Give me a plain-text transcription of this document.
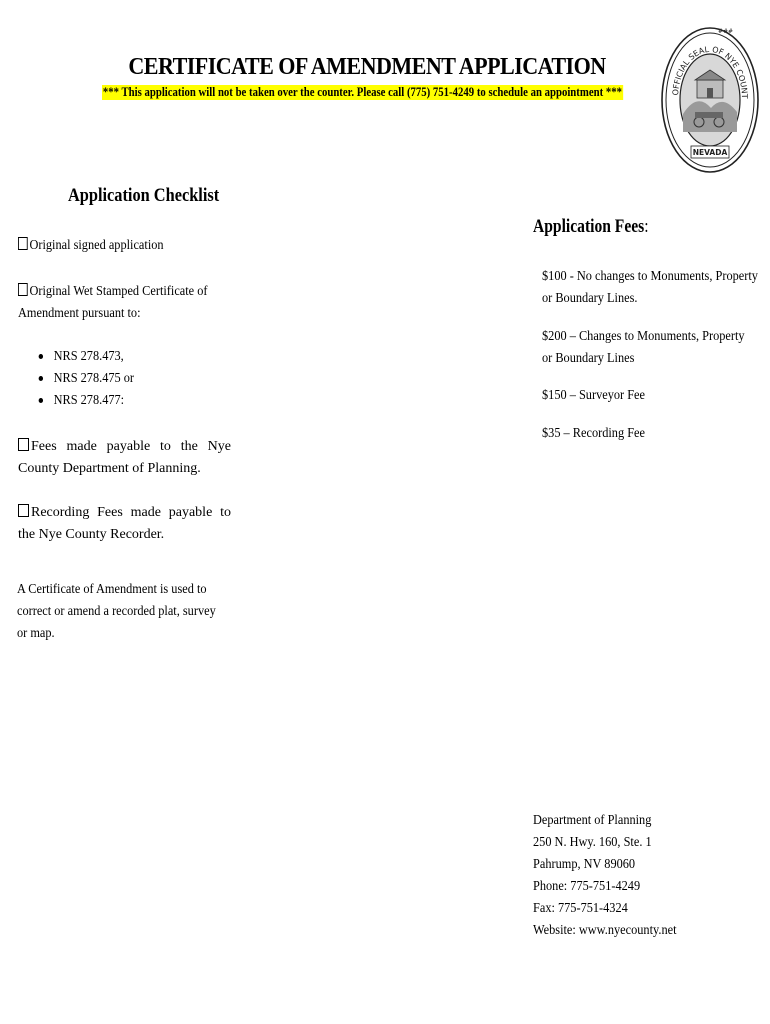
CERTIFICATE OF AMENDMENT APPLICATION
*** This application will not be taken over the counter. Please call (775) 751-4249 to schedule an appointment ***	OFFICIAL SEAL OF NYE COUNT
###
NEVADA
Application Checklist
Original signed application
Original Wet Stamped Certificate of Amendment pursuant to:
NRS 278.473,
NRS 278.475 or
NRS 278.477:
Fees made payable to the Nye County Department of Planning.
Recording Fees made payable to the Nye County Recorder.
A Certificate of Amendment is used to correct or amend a recorded plat, survey or map.
Application Fees:
$100 - No changes to Monuments, Property or Boundary Lines.
$200 – Changes to Monuments, Property or Boundary Lines
$150 – Surveyor Fee
$35 – Recording Fee
Department of Planning
250 N. Hwy. 160, Ste. 1
Pahrump, NV 89060
Phone: 775-751-4249
Fax: 775-751-4324
Website: www.nyecounty.net
